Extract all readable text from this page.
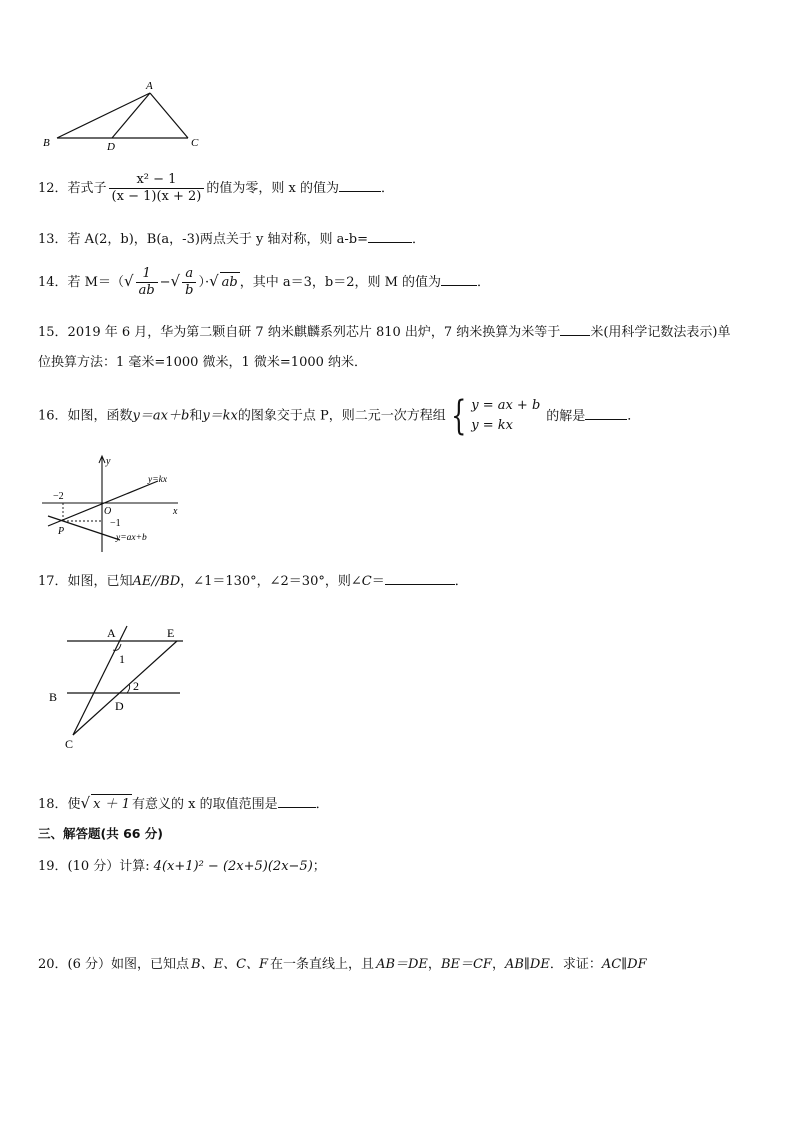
A
B	D	C
12．若式子 $\frac{\text{x² − 1}}{(x - 1)(x + 2)}$ 的值为零，则 x 的值为	．
13．若 A(2，b)，B(a，-3)两点关于 y 轴对称，则 a-b=	．
14．若 $M=(√ \frac{1}{ab}$ −√ $\frac{a}{b}$ ）·√ ab ，其中 a＝3，b＝2，则 M 的值为	．
15．2019 年 6 月，华为第二颗自研 7 纳米麒麟系列芯片 810 出炉，7 纳米换算为米等于 米(用科学记数法表示)单
位换算方法：1 毫米=1000 微米，1 微米=1000 纳米．
16．如图，函数y＝ax＋b和y＝kx的图象交于点 P，则二元一次方程组 { y = ax + b
y = kx
的解是	．
y
x
O
−2
−1
P
y=kx
y=ax+b
17．如图，已知AE//BD，∠1＝130°，∠2＝30°，则∠C＝	．
A	E
B
D
C
1
2
18．使√ x ＋ 1 有意义的 x 的取值范围是	．
三、解答题(共 66 分)
19．(10 分）计算: 4(x+1)² − (2x+5)(2x−5)；
20．(6 分）如图，已知点 B、E、C、F 在一条直线上，且 AB＝DE，BE＝CF，AB∥DE．求证：AC∥DF
